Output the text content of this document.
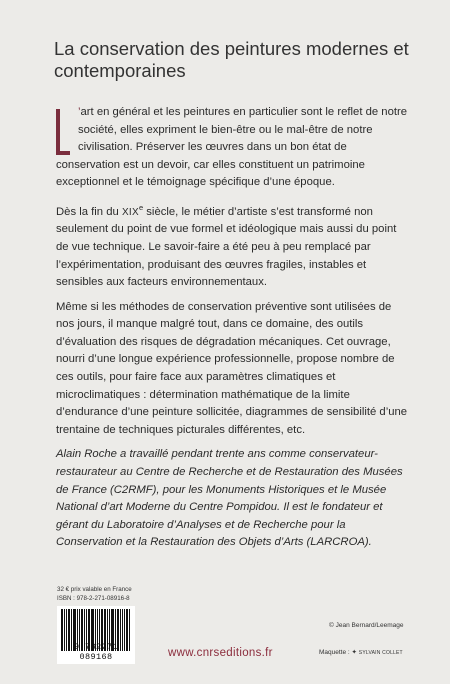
La conservation des peintures modernes et contemporaines

’art en général et les peintures en particulier sont le reflet de notre société, elles expriment le bien-être ou le mal-être de notre civilisation. Préserver les œuvres dans un bon état de conservation est un devoir, car elles constituent un patrimoine exceptionnel et le témoignage spécifique d’une époque.

Dès la fin du XIXe siècle, le métier d’artiste s’est transformé non seulement du point de vue formel et idéologique mais aussi du point de vue technique. Le savoir-faire a été peu à peu remplacé par l’expérimentation, produisant des œuvres fragiles, instables et sensibles aux facteurs environnementaux.

Même si les méthodes de conservation préventive sont utilisées de nos jours, il manque malgré tout, dans ce domaine, des outils d’évaluation des risques de dégradation mécaniques. Cet ouvrage, nourri d’une longue expérience professionnelle, propose nombre de ces outils, pour faire face aux paramètres climatiques et microclimatiques : détermination mathématique de la limite d’endurance d’une peinture sollicitée, diagrammes de sensibilité d’une trentaine de techniques picturales différentes, etc.

Alain Roche a travaillé pendant trente ans comme conservateur-restaurateur au Centre de Recherche et de Restauration des Musées de France (C2RMF), pour les Monuments Historiques et le Musée National d’art Moderne du Centre Pompidou. Il est le fondateur et gérant du Laboratoire d’Analyses et de Recherche pour la Conservation et la Restauration des Objets d’Arts (LARCROA).

32 € prix valable en France
ISBN : 978-2-271-08916-8
9 782271 089168	www.cnrseditions.fr
© Jean Bernard/Leemage
Maquette : ✦ SYLVAIN COLLET
